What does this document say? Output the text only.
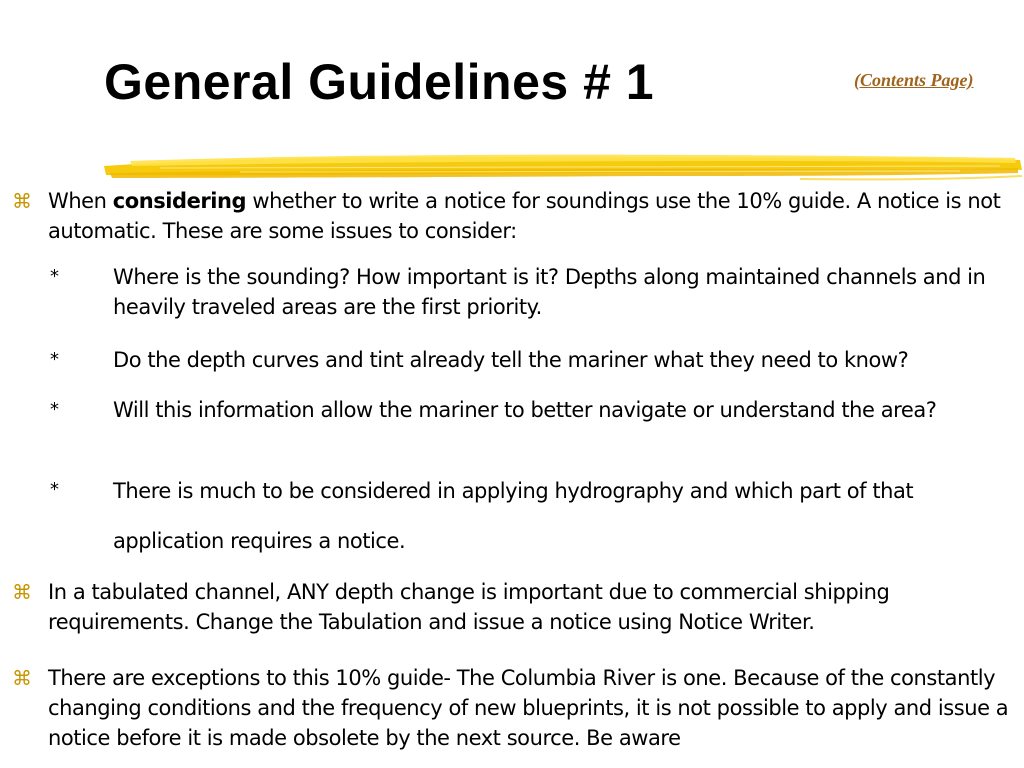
General Guidelines # 1	(Contents Page)
⌘ When considering whether to write a notice for soundings use the 10% guide. A notice is not automatic. These are some issues to consider:
*	Where is the sounding? How important is it? Depths along maintained channels and in heavily traveled areas are the first priority.
*	Do the depth curves and tint already tell the mariner what they need to know?
*	Will this information allow the mariner to better navigate or understand the area?
*	There is much to be considered in applying hydrography and which part of that application requires a notice.
⌘ In a tabulated channel, ANY depth change is important due to commercial shipping requirements. Change the Tabulation and issue a notice using Notice Writer.
⌘ There are exceptions to this 10% guide- The Columbia River is one. Because of the constantly changing conditions and the frequency of new blueprints, it is not possible to apply and issue a notice before it is made obsolete by the next source. Be aware
